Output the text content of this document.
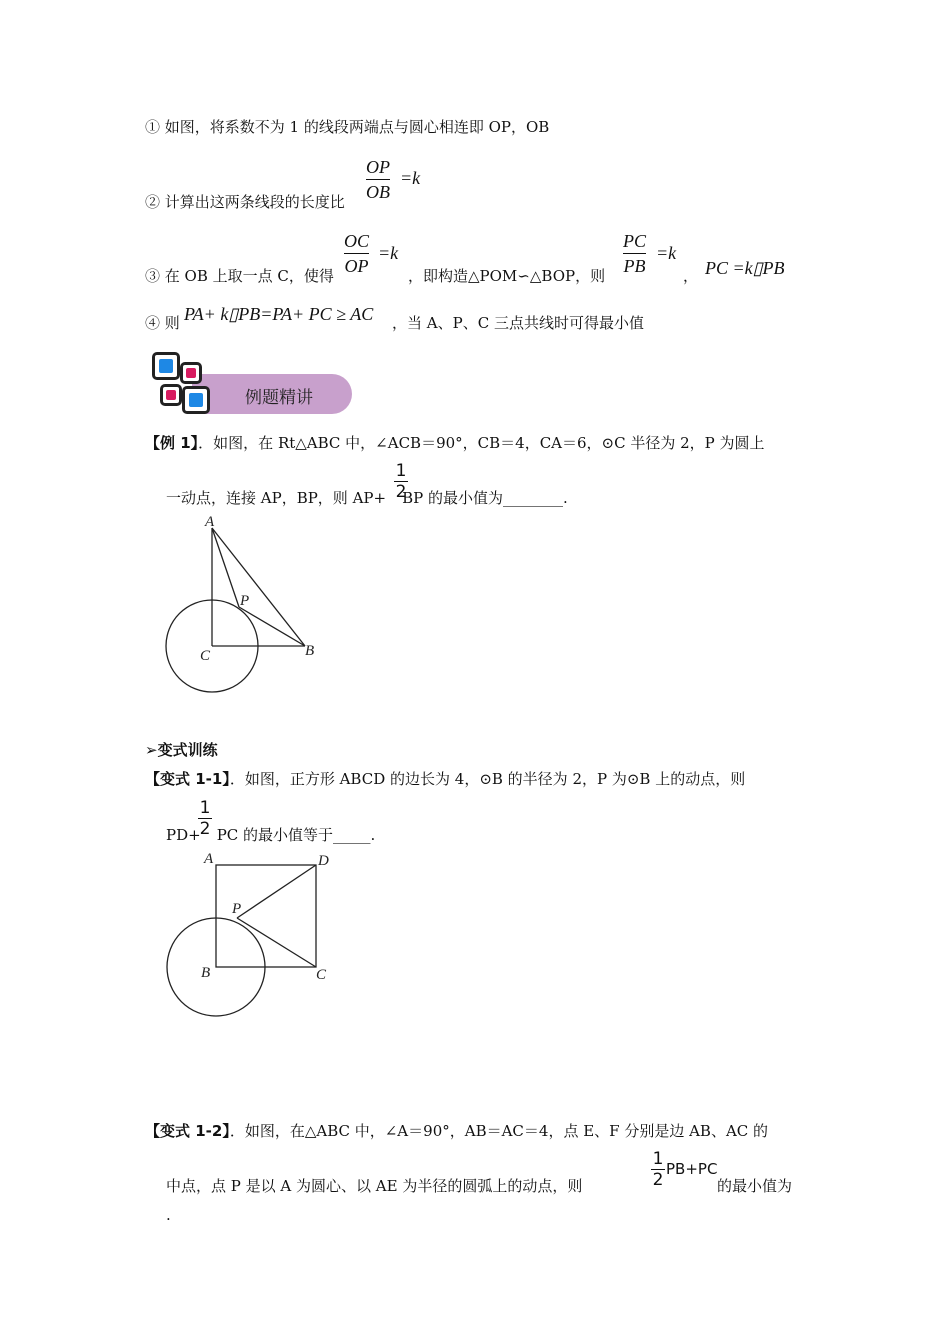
① 如图，将系数不为 1 的线段两端点与圆心相连即 OP，OB
② 计算出这两条线段的长度比
OP
OB
=k
③ 在 OB 上取一点 C，使得
OC
OP
=k
，即构造△POM∽△BOP，则
PC
PB
=k
， PC =k▯PB
④ 则 PA+ k▯PB=PA+ PC ≥ AC ，当 A、P、C 三点共线时可得最小值
例题精讲
【例 1】．如图，在 Rt△ABC 中，∠ACB＝90°，CB＝4，CA＝6，⊙C 半径为 2，P 为圆上
一动点，连接 AP，BP，则 AP+ BP 的最小值为________.
1
2
A
P
C	B
➢变式训练
【变式 1-1】．如图，正方形 ABCD 的边长为 4，⊙B 的半径为 2，P 为⊙B 上的动点，则
PD+ PC 的最小值等于_____.
1
2
A	D
P
B	C
【变式 1-2】．如图，在△ABC 中，∠A＝90°，AB＝AC＝4，点 E、F 分别是边 AB、AC 的
中点，点 P 是以 A 为圆心、以 AE 为半径的圆弧上的动点，则
1
2
PB+PC
的最小值为
.
